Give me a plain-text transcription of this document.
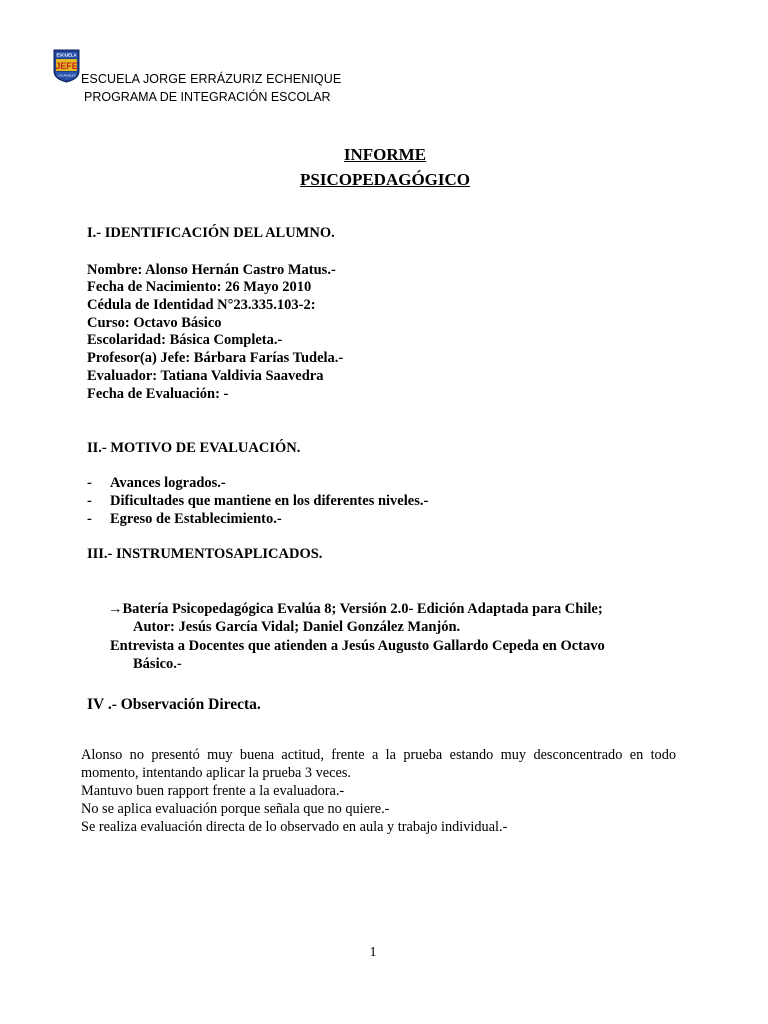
ESCUELA
JEFE
LOS ÁNGELES ESCUELA JORGE ERRÁZURIZ ECHENIQUE
PROGRAMA DE INTEGRACIÓN ESCOLAR
INFORME
PSICOPEDAGÓGICO
I.- IDENTIFICACIÓN DEL ALUMNO.
Nombre: Alonso Hernán Castro Matus.-
Fecha de Nacimiento: 26 Mayo 2010
Cédula de Identidad N°23.335.103-2:
Curso: Octavo Básico
Escolaridad: Básica Completa.-
Profesor(a) Jefe: Bárbara Farías Tudela.-
Evaluador: Tatiana Valdivia Saavedra
Fecha de Evaluación: -
II.- MOTIVO DE EVALUACIÓN.
- Avances logrados.-
- Dificultades que mantiene en los diferentes niveles.-
- Egreso de Establecimiento.-
III.- INSTRUMENTOSAPLICADOS.
→Batería Psicopedagógica Evalúa 8; Versión 2.0- Edición Adaptada para Chile;
Autor: Jesús García Vidal; Daniel González Manjón.
Entrevista a Docentes que atienden a Jesús Augusto Gallardo Cepeda en Octavo
Básico.-
IV .- Observación Directa.
Alonso no presentó muy buena actitud, frente a la prueba estando muy desconcentrado en todo
momento, intentando aplicar la prueba 3 veces.
Mantuvo buen rapport frente a la evaluadora.-
No se aplica evaluación porque señala que no quiere.-
Se realiza evaluación directa de lo observado en aula y trabajo individual.-
1
